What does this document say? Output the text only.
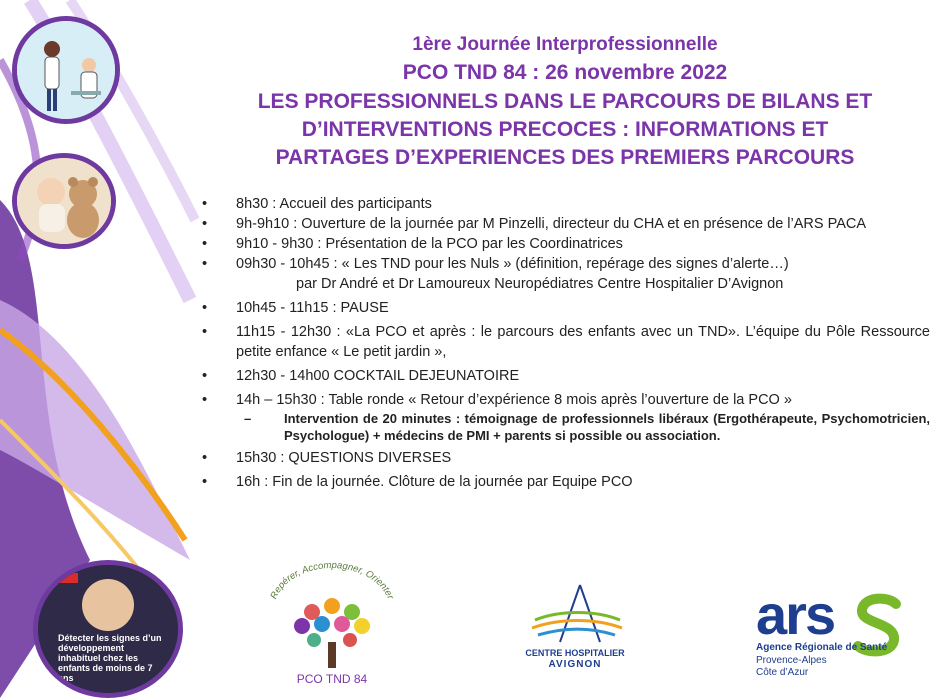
Détecter les signes d’un développement inhabituel chez les enfants de moins de 7 ans
1ère Journée Interprofessionnelle
PCO TND 84 : 26 novembre 2022
LES PROFESSIONNELS DANS LE PARCOURS DE BILANS ET
D’INTERVENTIONS PRECOCES : INFORMATIONS ET
PARTAGES D’EXPERIENCES DES PREMIERS PARCOURS
• 8h30 : Accueil des participants
• 9h-9h10 : Ouverture de la journée par M Pinzelli, directeur du CHA et en présence de l’ARS PACA
• 9h10 - 9h30 : Présentation de la PCO par les Coordinatrices
• 09h30 - 10h45 : « Les TND pour les Nuls » (définition, repérage des signes d’alerte…)
par Dr André et Dr Lamoureux Neuropédiatres Centre Hospitalier D’Avignon
• 10h45 - 11h15 : PAUSE
• 11h15 - 12h30 : «La PCO et après : le parcours des enfants avec un TND». L’équipe du Pôle Ressource petite enfance « Le petit jardin »,
• 12h30 - 14h00 COCKTAIL DEJEUNATOIRE
• 14h – 15h30 : Table ronde « Retour d’expérience 8 mois après l’ouverture de la PCO »
–	Intervention de 20 minutes : témoignage de professionnels libéraux (Ergothérapeute, Psychomotricien, Psychologue) + médecins de PMI + parents si possible ou association.
• 15h30 : QUESTIONS DIVERSES
• 16h : Fin de la journée. Clôture de la journée par Equipe PCO
Repérer, Accompagner, Orienter
PCO TND 84
CENTRE HOSPITALIER
AVIGNON
ars
Agence Régionale de Santé
Provence-Alpes
Côte d’Azur
